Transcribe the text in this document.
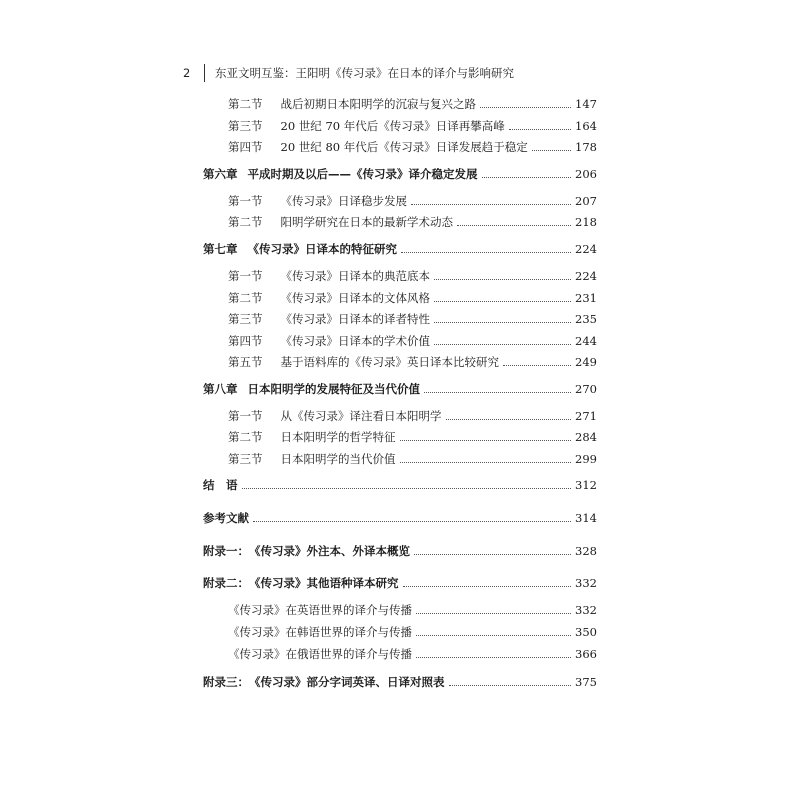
2	东亚文明互鉴：王阳明《传习录》在日本的译介与影响研究
第二节 战后初期日本阳明学的沉寂与复兴之路	147
第三节 20 世纪 70 年代后《传习录》日译再攀高峰	164
第四节 20 世纪 80 年代后《传习录》日译发展趋于稳定	178
第六章 平成时期及以后——《传习录》译介稳定发展	206
第一节 《传习录》日译稳步发展	207
第二节 阳明学研究在日本的最新学术动态	218
第七章 《传习录》日译本的特征研究	224
第一节 《传习录》日译本的典范底本	224
第二节 《传习录》日译本的文体风格	231
第三节 《传习录》日译本的译者特性	235
第四节 《传习录》日译本的学术价值	244
第五节 基于语料库的《传习录》英日译本比较研究	249
第八章 日本阳明学的发展特征及当代价值	270
第一节 从《传习录》译注看日本阳明学	271
第二节 日本阳明学的哲学特征	284
第三节 日本阳明学的当代价值	299
结　语	312
参考文献	314
附录一： 《传习录》外注本、外译本概览	328
附录二： 《传习录》其他语种译本研究	332
《传习录》在英语世界的译介与传播	332
《传习录》在韩语世界的译介与传播	350
《传习录》在俄语世界的译介与传播	366
附录三： 《传习录》部分字词英译、日译对照表	375
